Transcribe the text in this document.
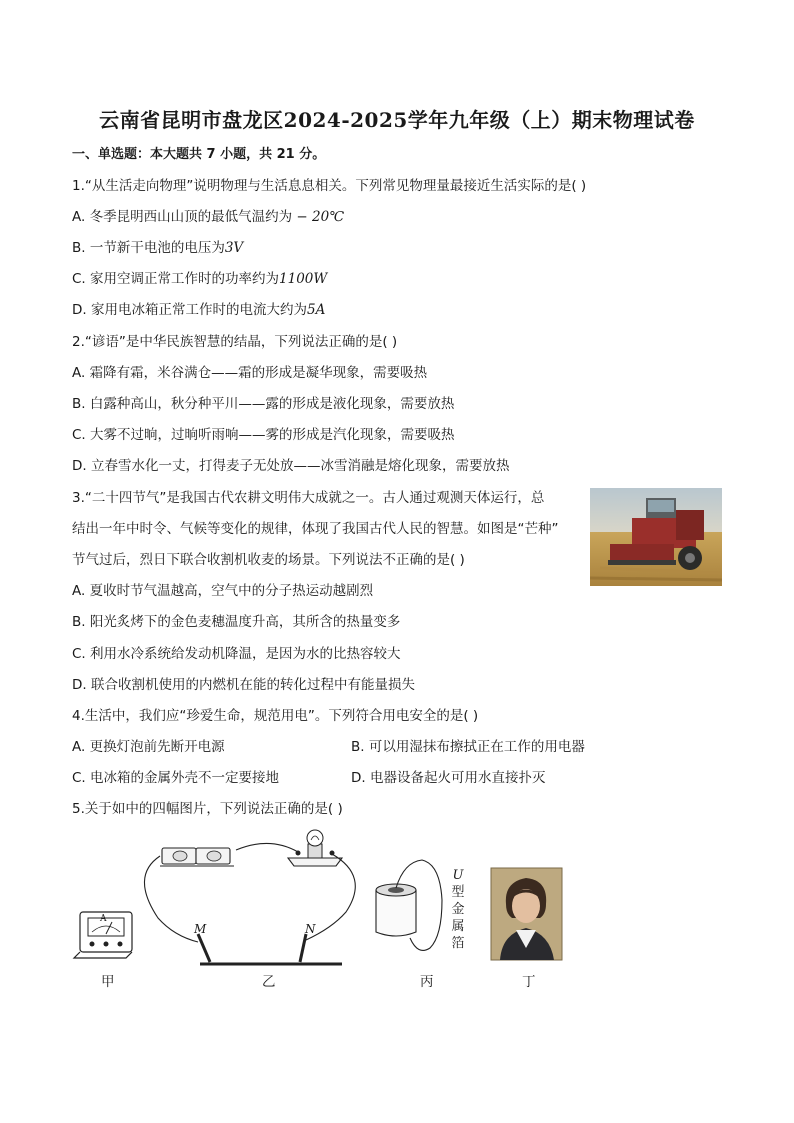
云南省昆明市盘龙区2024-2025学年九年级（上）期末物理试卷
一、单选题：本大题共 7 小题，共 21 分。
1.“从生活走向物理”说明物理与生活息息相关。下列常见物理量最接近生活实际的是( )
A. 冬季昆明西山山顶的最低气温约为 − 20℃
B. 一节新干电池的电压为3V
C. 家用空调正常工作时的功率约为1100W
D. 家用电冰箱正常工作时的电流大约为5A
2.“谚语”是中华民族智慧的结晶，下列说法正确的是( )
A. 霜降有霜，米谷满仓——霜的形成是凝华现象，需要吸热
B. 白露种高山，秋分种平川——露的形成是液化现象，需要放热
C. 大雾不过晌，过晌听雨响——雾的形成是汽化现象，需要吸热
D. 立春雪水化一丈，打得麦子无处放——冰雪消融是熔化现象，需要放热
3.“二十四节气”是我国古代农耕文明伟大成就之一。古人通过观测天体运行，总
结出一年中时令、气候等变化的规律，体现了我国古代人民的智慧。如图是“芒种”
节气过后，烈日下联合收割机收麦的场景。下列说法不正确的是( )
A. 夏收时节气温越高，空气中的分子热运动越剧烈
B. 阳光炙烤下的金色麦穗温度升高，其所含的热量变多
C. 利用水冷系统给发动机降温，是因为水的比热容较大
D. 联合收割机使用的内燃机在能的转化过程中有能量损失
4.生活中，我们应“珍爱生命，规范用电”。下列符合用电安全的是( )
A. 更换灯泡前先断开电源	B. 可以用湿抹布擦拭正在工作的用电器
C. 电冰箱的金属外壳不一定要接地	D. 电器设备起火可用水直接扑灭
5.关于如中的四幅图片，下列说法正确的是( )
M	N
A
U
型
金
属
箔
甲	乙	丙	丁
